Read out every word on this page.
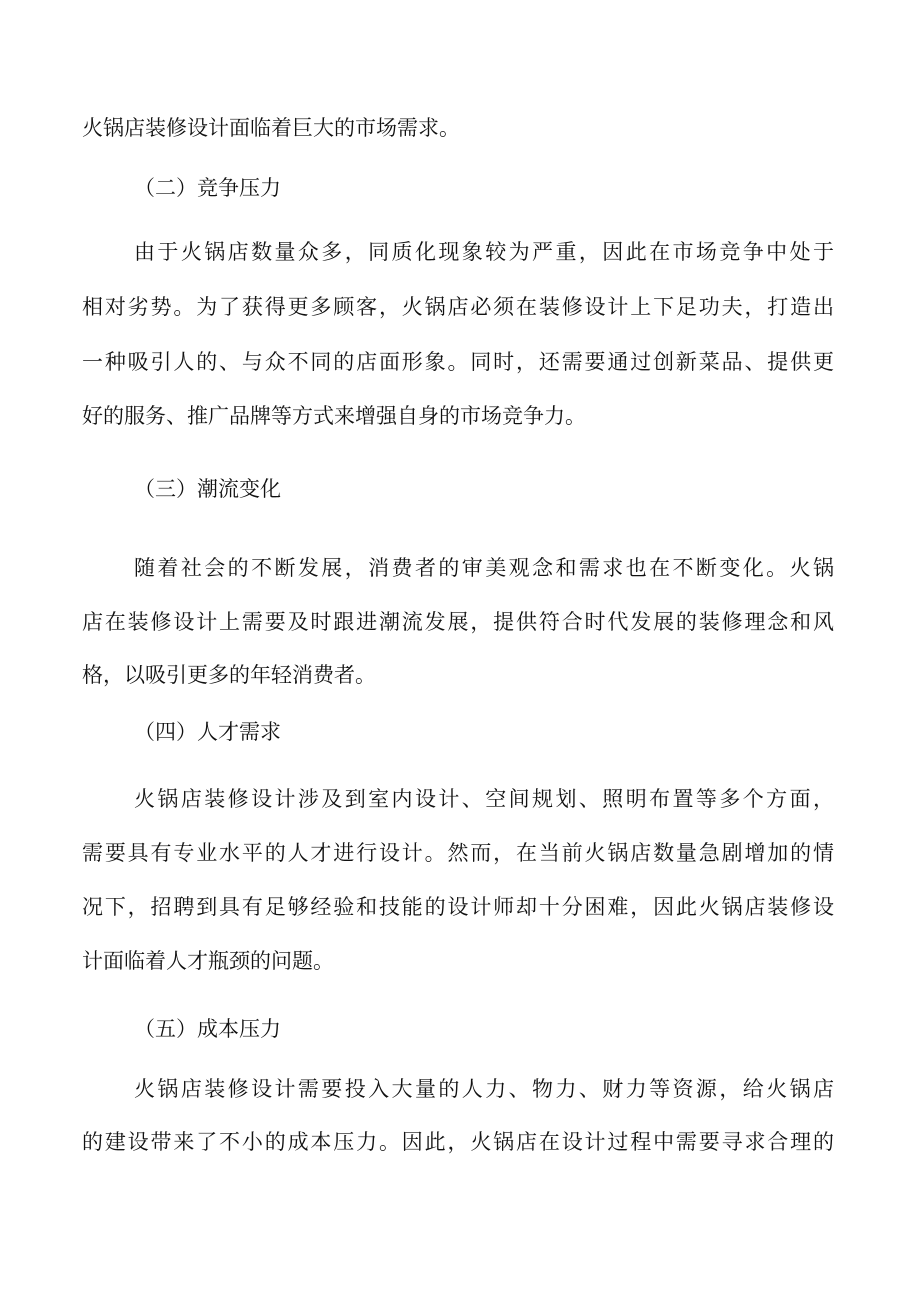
火锅店装修设计面临着巨大的市场需求。
（二）竞争压力
由于火锅店数量众多，同质化现象较为严重，因此在市场竞争中处于
相对劣势。为了获得更多顾客，火锅店必须在装修设计上下足功夫，打造出
一种吸引人的、与众不同的店面形象。同时，还需要通过创新菜品、提供更
好的服务、推广品牌等方式来增强自身的市场竞争力。
（三）潮流变化
随着社会的不断发展，消费者的审美观念和需求也在不断变化。火锅
店在装修设计上需要及时跟进潮流发展，提供符合时代发展的装修理念和风
格，以吸引更多的年轻消费者。
（四）人才需求
火锅店装修设计涉及到室内设计、空间规划、照明布置等多个方面，
需要具有专业水平的人才进行设计。然而，在当前火锅店数量急剧增加的情
况下，招聘到具有足够经验和技能的设计师却十分困难，因此火锅店装修设
计面临着人才瓶颈的问题。
（五）成本压力
火锅店装修设计需要投入大量的人力、物力、财力等资源，给火锅店
的建设带来了不小的成本压力。因此，火锅店在设计过程中需要寻求合理的
